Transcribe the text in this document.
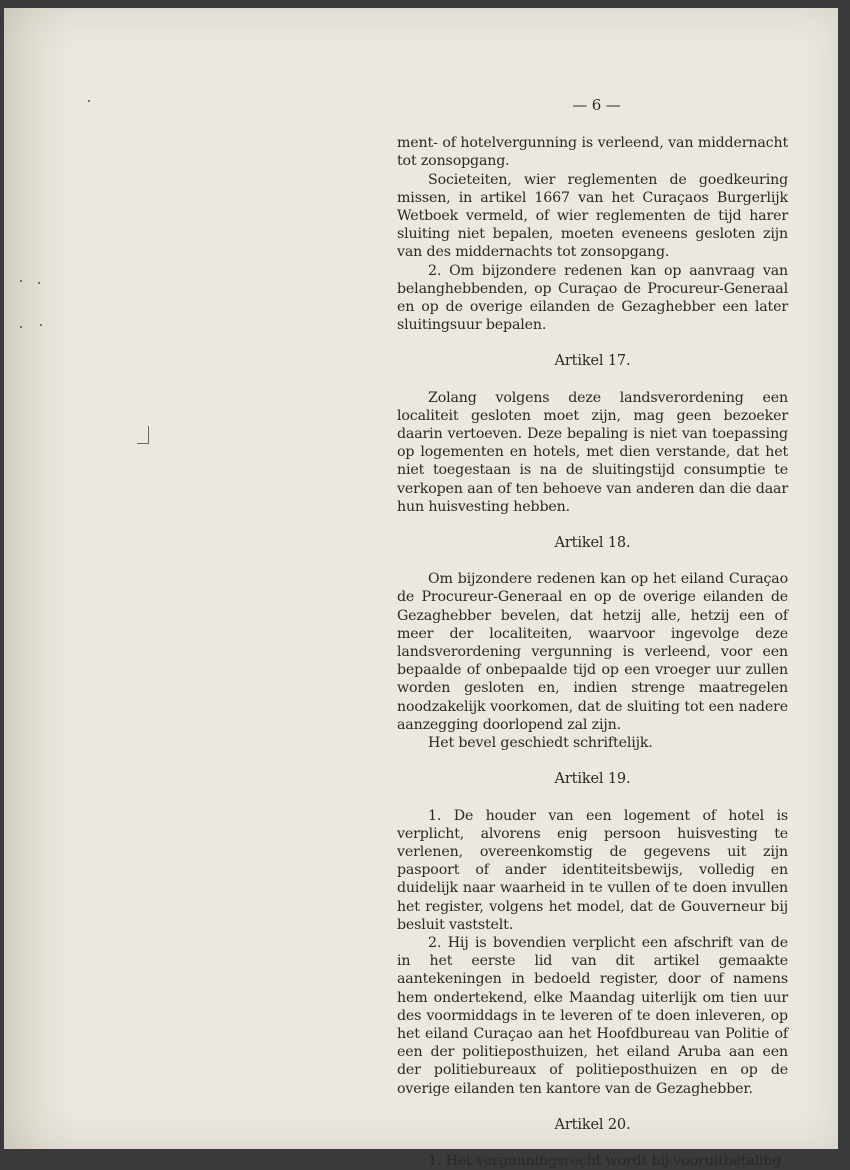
— 6 —

ment- of hotelvergunning is verleend, van middernacht tot zonsopgang.

Societeiten, wier reglementen de goedkeuring missen, in artikel 1667 van het Curaçaos Burgerlijk Wetboek vermeld, of wier reglementen de tijd harer sluiting niet bepalen, moeten eveneens gesloten zijn van des middernachts tot zonsopgang.

2. Om bijzondere redenen kan op aanvraag van belanghebbenden, op Curaçao de Procureur-Generaal en op de overige eilanden de Gezaghebber een later sluitingsuur bepalen.

Artikel 17.

Zolang volgens deze landsverordening een localiteit gesloten moet zijn, mag geen bezoeker daarin vertoeven. Deze bepaling is niet van toepassing op logementen en hotels, met dien verstande, dat het niet toegestaan is na de sluitingstijd consumptie te verkopen aan of ten behoeve van anderen dan die daar hun huisvesting hebben.

Artikel 18.

Om bijzondere redenen kan op het eiland Curaçao de Procureur-Generaal en op de overige eilanden de Gezaghebber bevelen, dat hetzij alle, hetzij een of meer der localiteiten, waarvoor ingevolge deze landsverordening vergunning is verleend, voor een bepaalde of onbepaalde tijd op een vroeger uur zullen worden gesloten en, indien strenge maatregelen noodzakelijk voorkomen, dat de sluiting tot een nadere aanzegging doorlopend zal zijn.

Het bevel geschiedt schriftelijk.

Artikel 19.

1. De houder van een logement of hotel is verplicht, alvorens enig persoon huisvesting te verlenen, overeenkomstig de gegevens uit zijn paspoort of ander identiteitsbewijs, volledig en duidelijk naar waarheid in te vullen of te doen invullen het register, volgens het model, dat de Gouverneur bij besluit vaststelt.

2. Hij is bovendien verplicht een afschrift van de in het eerste lid van dit artikel gemaakte aantekeningen in bedoeld register, door of namens hem ondertekend, elke Maandag uiterlijk om tien uur des voormiddags in te leveren of te doen inleveren, op het eiland Curaçao aan het Hoofdbureau van Politie of een der politieposthuizen, het eiland Aruba aan een der politiebureaux of politieposthuizen en op de overige eilanden ten kantore van de Gezaghebber.

Artikel 20.

1. Het vergunningsrecht wordt bij vooruitbetaling
